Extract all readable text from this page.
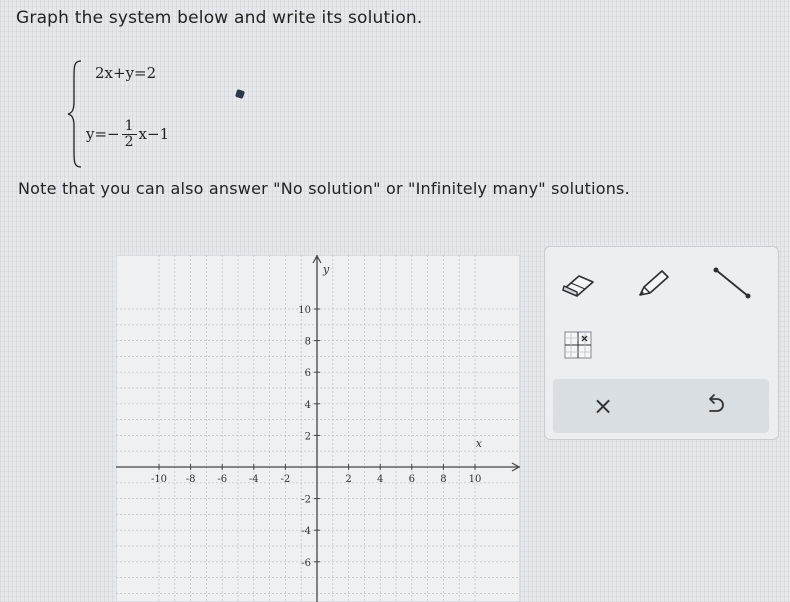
Graph the system below and write its solution.
2x+y=2
$y=- \frac{1}{2} x-1$
Note that you can also answer "No solution" or "Infinitely many" solutions.
x
y
-10 -8 -6 -4 -2	2	4	6	8 10
10
8
6
4
2
-2
-4
-6
×
